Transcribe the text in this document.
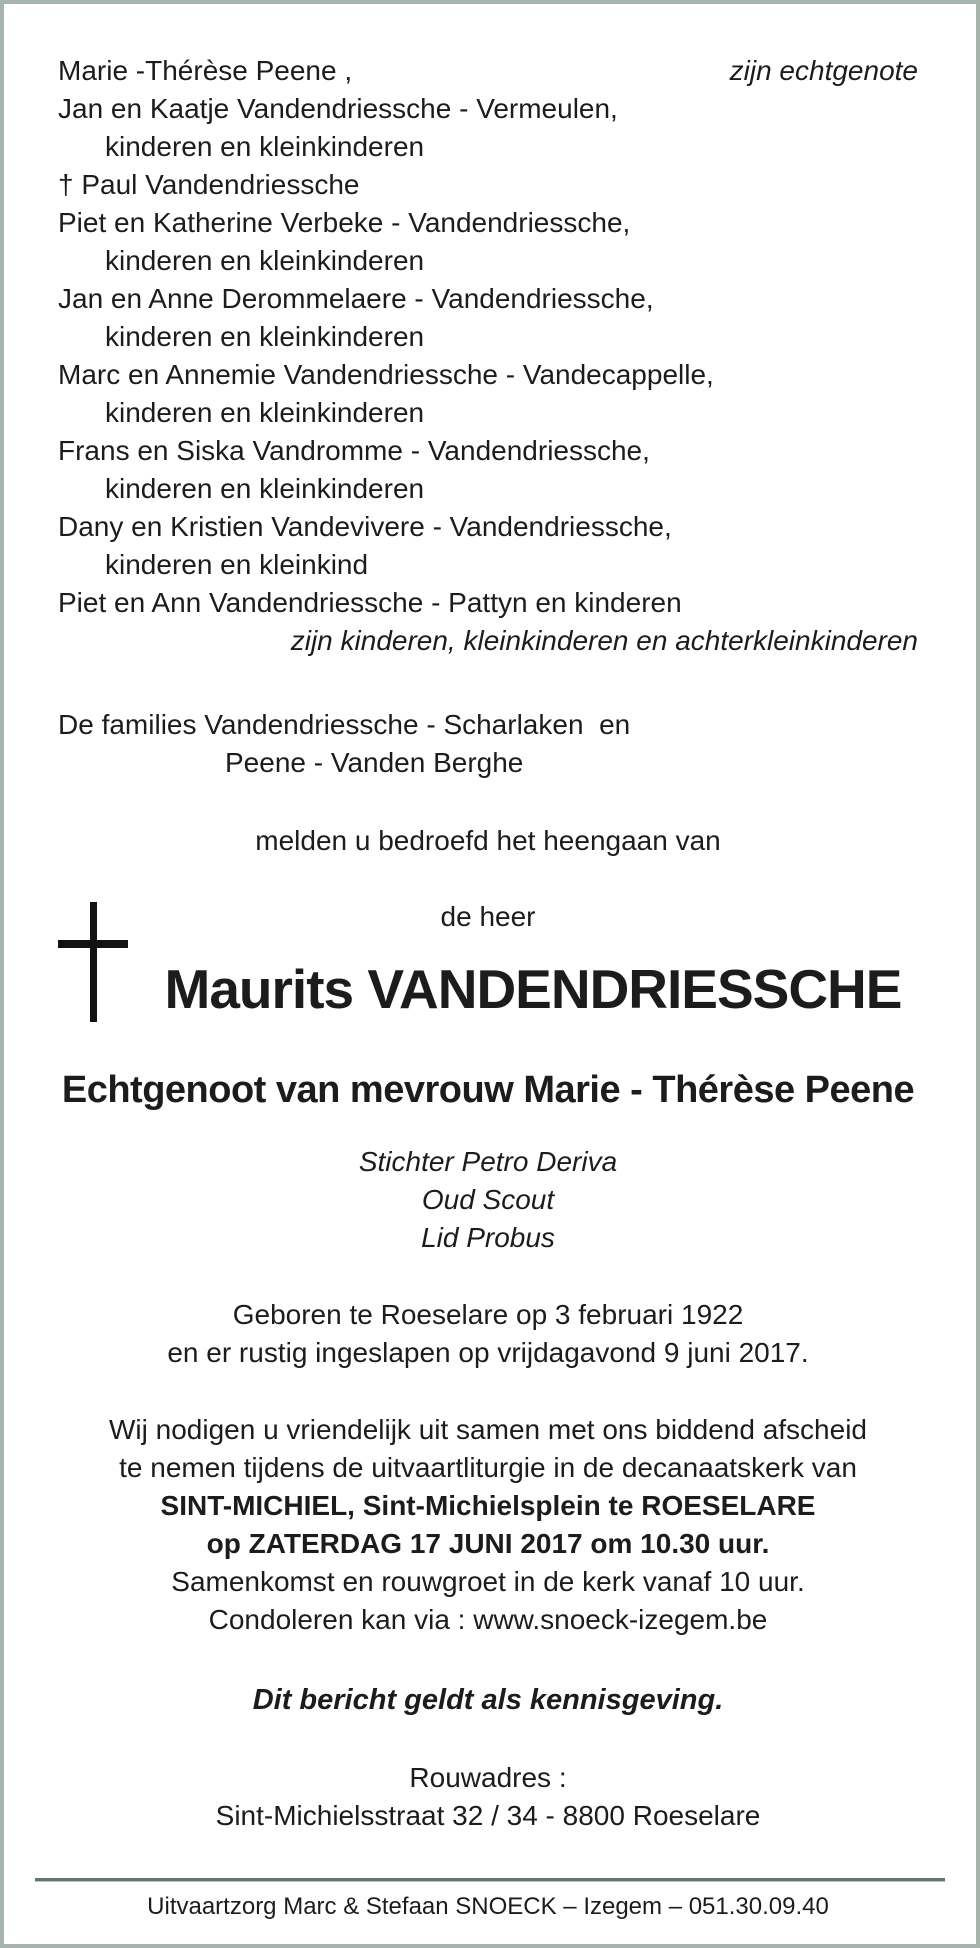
Marie -Thérèse Peene ,	zijn echtgenote
Jan en Kaatje Vandendriessche - Vermeulen,
kinderen en kleinkinderen
† Paul Vandendriessche
Piet en Katherine Verbeke - Vandendriessche,
kinderen en kleinkinderen
Jan en Anne Derommelaere - Vandendriessche,
kinderen en kleinkinderen
Marc en Annemie Vandendriessche - Vandecappelle,
kinderen en kleinkinderen
Frans en Siska Vandromme - Vandendriessche,
kinderen en kleinkinderen
Dany en Kristien Vandevivere - Vandendriessche,
kinderen en kleinkind
Piet en Ann Vandendriessche - Pattyn en kinderen
zijn kinderen, kleinkinderen en achterkleinkinderen
De families Vandendriessche - Scharlaken  en
Peene - Vanden Berghe
melden u bedroefd het heengaan van
de heer
Maurits VANDENDRIESSCHE
Echtgenoot van mevrouw Marie - Thérèse Peene
Stichter Petro Deriva
Oud Scout
Lid Probus
Geboren te Roeselare op 3 februari 1922
en er rustig ingeslapen op vrijdagavond 9 juni 2017.
Wij nodigen u vriendelijk uit samen met ons biddend afscheid
te nemen tijdens de uitvaartliturgie in de decanaatskerk van
SINT-MICHIEL, Sint-Michielsplein te ROESELARE
op ZATERDAG 17 JUNI 2017 om 10.30 uur.
Samenkomst en rouwgroet in de kerk vanaf 10 uur.
Condoleren kan via : www.snoeck-izegem.be
Dit bericht geldt als kennisgeving.
Rouwadres :
Sint-Michielsstraat 32 / 34 - 8800 Roeselare
Uitvaartzorg Marc & Stefaan SNOECK – Izegem – 051.30.09.40
